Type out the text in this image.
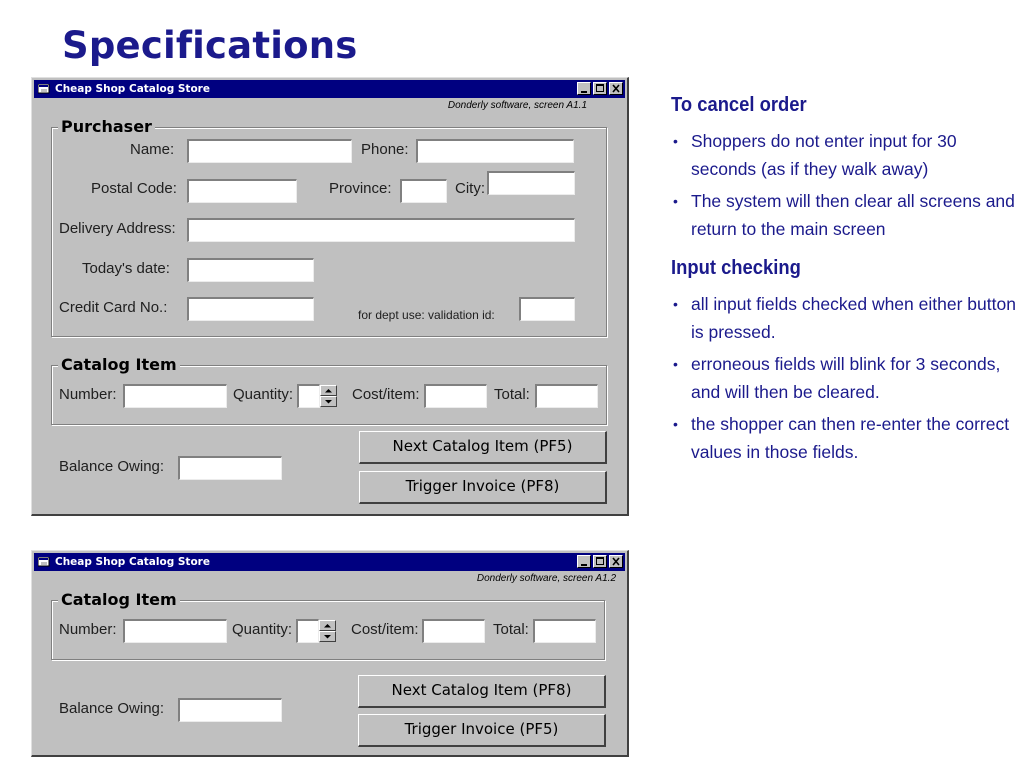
Specifications
Cheap Shop Catalog Store
Donderly software, screen A1.1
Purchaser
Name:	Phone:
Postal Code:	Province:	City:
Delivery Address:
Today's date:
Credit Card No.:	for dept use: validation id:
Catalog Item
Number:	Quantity:	Cost/item:	Total:
Balance Owing:
Next Catalog Item (PF5)
Trigger Invoice (PF8)
Cheap Shop Catalog Store
Donderly software, screen A1.2
Catalog Item
Number:	Quantity:	Cost/item:	Total:
Balance Owing:
Next Catalog Item (PF8)
Trigger Invoice (PF5)
To cancel order
• Shoppers do not enter input for 30 seconds (as if they walk away)
• The system will then clear all screens and return to the main screen
Input checking
• all input fields checked when either button is pressed.
• erroneous fields will blink for 3 seconds, and will then be cleared.
• the shopper can then re-enter the correct values in those fields.
